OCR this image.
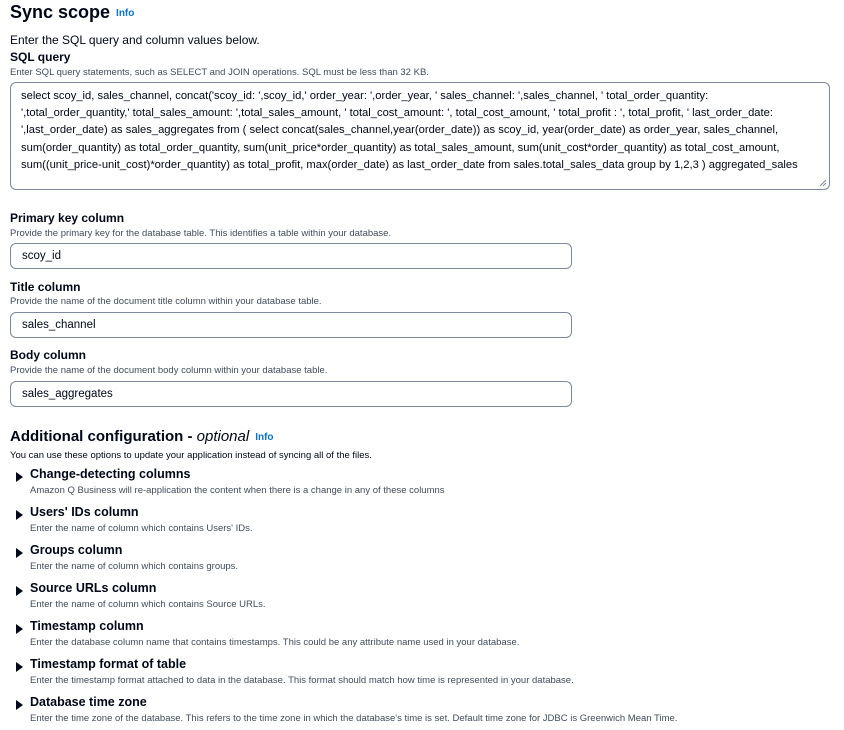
Sync scope Info
Enter the SQL query and column values below.
SQL query
Enter SQL query statements, such as SELECT and JOIN operations. SQL must be less than 32 KB.
select scoy_id, sales_channel, concat('scoy_id: ',scoy_id,' order_year: ',order_year, ' sales_channel: ',sales_channel, ' total_order_quantity: ',total_order_quantity,' total_sales_amount: ',total_sales_amount, ' total_cost_amount: ', total_cost_amount, ' total_profit : ', total_profit, ' last_order_date: ',last_order_date) as sales_aggregates from ( select concat(sales_channel,year(order_date)) as scoy_id, year(order_date) as order_year, sales_channel, sum(order_quantity) as total_order_quantity, sum(unit_price*order_quantity) as total_sales_amount, sum(unit_cost*order_quantity) as total_cost_amount, sum((unit_price-unit_cost)*order_quantity) as total_profit, max(order_date) as last_order_date from sales.total_sales_data group by 1,2,3 ) aggregated_sales
Primary key column
Provide the primary key for the database table. This identifies a table within your database.
scoy_id
Title column
Provide the name of the document title column within your database table.
sales_channel
Body column
Provide the name of the document body column within your database table.
sales_aggregates
Additional configuration - optional Info
You can use these options to update your application instead of syncing all of the files.
Change-detecting columns
Amazon Q Business will re-application the content when there is a change in any of these columns
Users' IDs column
Enter the name of column which contains Users' IDs.
Groups column
Enter the name of column which contains groups.
Source URLs column
Enter the name of column which contains Source URLs.
Timestamp column
Enter the database column name that contains timestamps. This could be any attribute name used in your database.
Timestamp format of table
Enter the timestamp format attached to data in the database. This format should match how time is represented in your database.
Database time zone
Enter the time zone of the database. This refers to the time zone in which the database's time is set. Default time zone for JDBC is Greenwich Mean Time.
